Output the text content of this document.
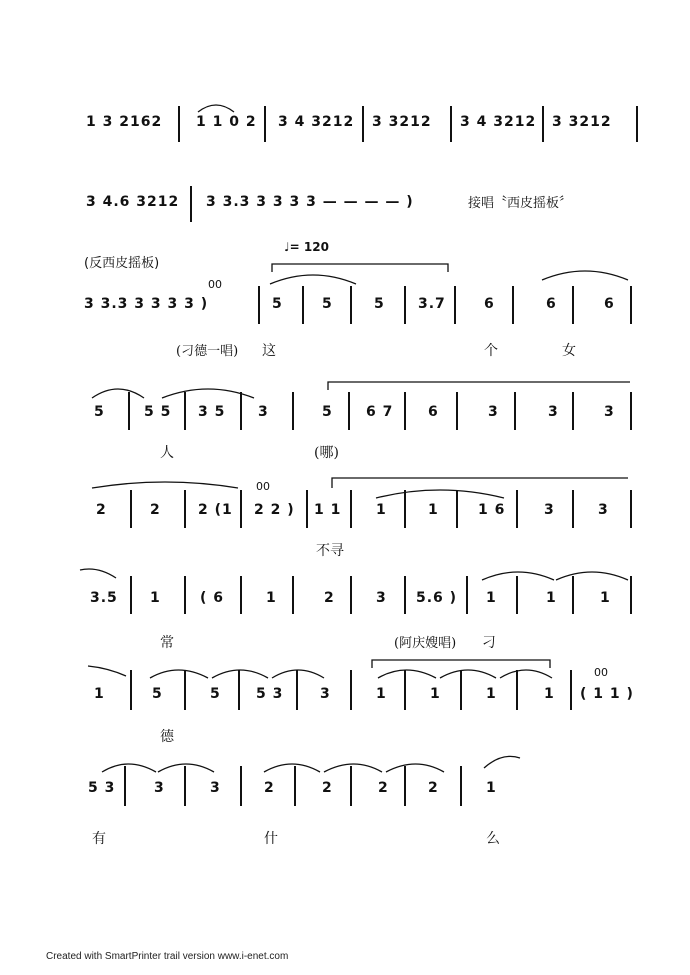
1 3 2162 1 1 0 2 3 4 3212 3 3212 3 4 3212 3 3212
3 4.6 3212 3 3.3 3 3 3 3 — — — — )	接唱〝西皮摇板〞
(反西皮摇板)
♩= 120
3 3.3 3 3 3 3 )
00
5	5	5 3.7	6	6	6
(刁德一唱) 这	个	女
5	5 5 3 5 3	5 6 7 6	3	3	3
人	(哪)
2	2	2 (1
00
2 2 ) 1 1 1	1	1 6	3	3
不寻
3.5 1	( 6	1	2	3 5.6 ) 1	1	1
常	(阿庆嫂唱) 刁
1	5	5	5 3	3	1	1	1	1
00
( 1 1 )
德
5 3	3	3	2	2	2	2	1
有	什	么
Created with SmartPrinter trail version www.i-enet.com
